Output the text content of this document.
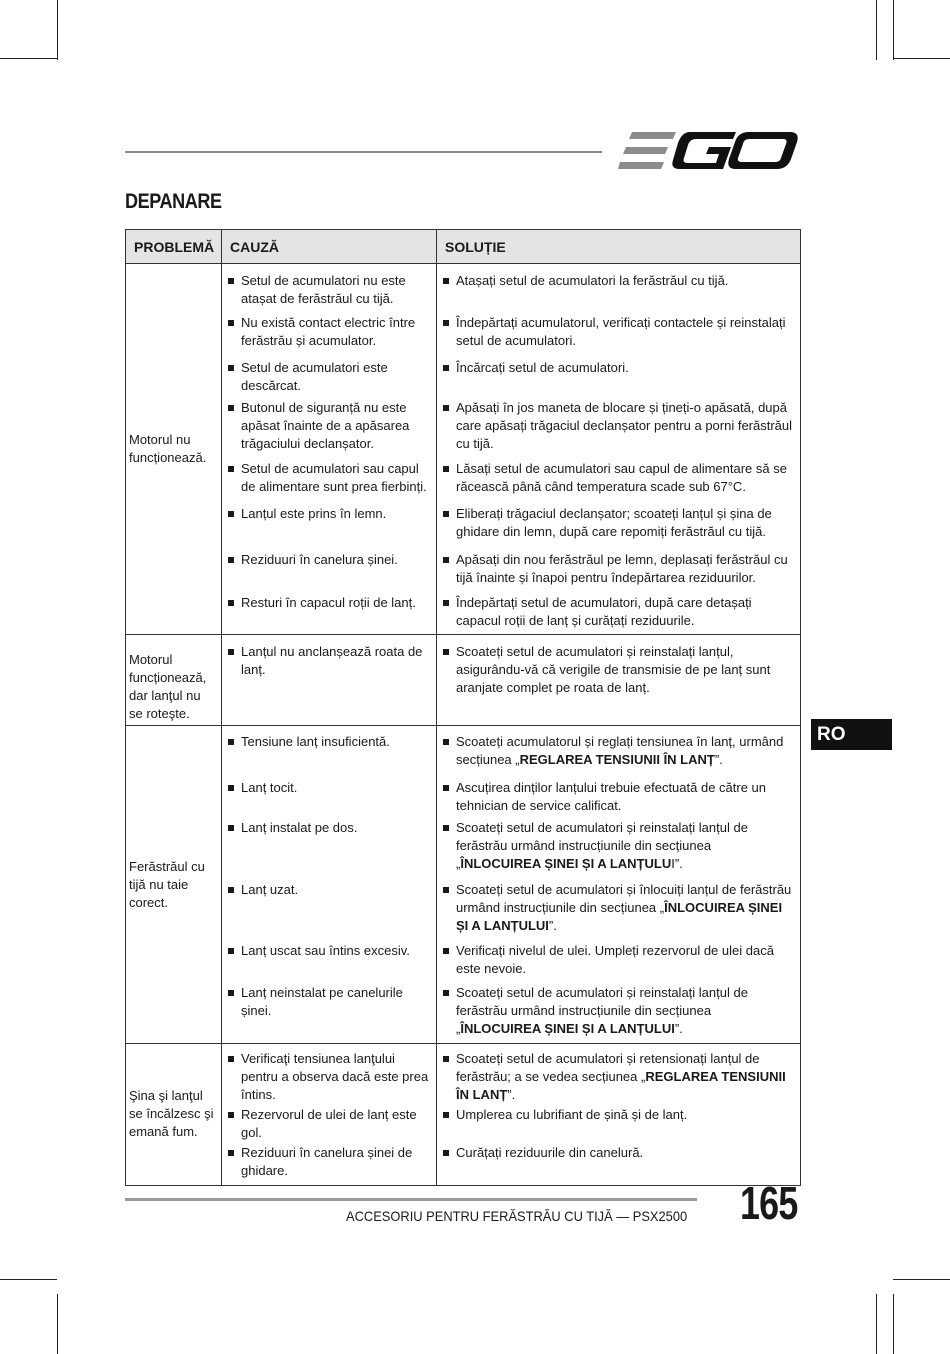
DEPANARE
PROBLEMĂ	CAUZĂ	SOLUȚIE
Motorul nu funcționează.	Setul de acumulatori nu este atașat de ferăstrăul cu tijă.	Atașați setul de acumulatori la ferăstrăul cu tijă.

	Nu există contact electric între ferăstrău și acumulator.	Îndepărtați acumulatorul, verificați contactele și reinstalați setul de acumulatori.

	Setul de acumulatori este descărcat.	Încărcați setul de acumulatori.

	Butonul de siguranță nu este apăsat înainte de a apăsarea trăgaciului declanșator.	Apăsați în jos maneta de blocare și țineți-o apăsată, după care apăsați trăgaciul declanșator pentru a porni ferăstrăul cu tijă.

	Setul de acumulatori sau capul de alimentare sunt prea fierbinți.	Lăsați setul de acumulatori sau capul de alimentare să se răcească până când temperatura scade sub 67°C.

	Lanțul este prins în lemn.	Eliberați trăgaciul declanșator; scoateți lanțul și șina de ghidare din lemn, după care repomiți ferăstrăul cu tijă.

	Reziduuri în canelura șinei.	Apăsați din nou ferăstrăul pe lemn, deplasați ferăstrăul cu tijă înainte și înapoi pentru îndepărtarea reziduurilor.

	Resturi în capacul roții de lanț.	Îndepărtați setul de acumulatori, după care detașați capacul roții de lanț și curățați reziduurile.

Motorul funcționează, dar lanţul nu se roteşte.	Lanțul nu anclanșează roata de lanț.	Scoateți setul de acumulatori și reinstalați lanțul, asigurându-vă că verigile de transmisie de pe lanț sunt aranjate complet pe roata de lanț.

Ferăstrăul cu tijă nu taie corect.	Tensiune lanț insuficientă.	Scoateți acumulatorul și reglați tensiunea în lanț, urmând secțiunea „REGLAREA TENSIUNII ÎN LANȚ”.

	Lanț tocit.	Ascuțirea dinților lanțului trebuie efectuată de către un tehnician de service calificat.

	Lanț instalat pe dos.	Scoateți setul de acumulatori și reinstalați lanțul de ferăstrău urmând instrucțiunile din secțiunea „ÎNLOCUIREA ȘINEI ȘI A LANȚULUI”.

	Lanț uzat.	Scoateți setul de acumulatori și înlocuiți lanțul de ferăstrău urmând instrucțiunile din secțiunea „ÎNLOCUIREA ȘINEI ȘI A LANȚULUI”.

	Lanț uscat sau întins excesiv.	Verificați nivelul de ulei. Umpleți rezervorul de ulei dacă este nevoie.

	Lanț neinstalat pe canelurile șinei.	Scoateți setul de acumulatori și reinstalați lanțul de ferăstrău urmând instrucțiunile din secțiunea „ÎNLOCUIREA ȘINEI ȘI A LANȚULUI”.

Şina şi lanţul se încălzesc şi emană fum.	Verificaţi tensiunea lanţului pentru a observa dacă este prea întins.	Scoateți setul de acumulatori și retensionați lanțul de ferăstrău; a se vedea secțiunea „REGLAREA TENSIUNII ÎN LANȚ”.

	Rezervorul de ulei de lanț este gol.	Umplerea cu lubrifiant de șină și de lanț.

	Reziduuri în canelura șinei de ghidare.	Curățați reziduurile din canelură.
RO
ACCESORIU PENTRU FERĂSTRĂU CU TIJĂ — PSX2500 165
